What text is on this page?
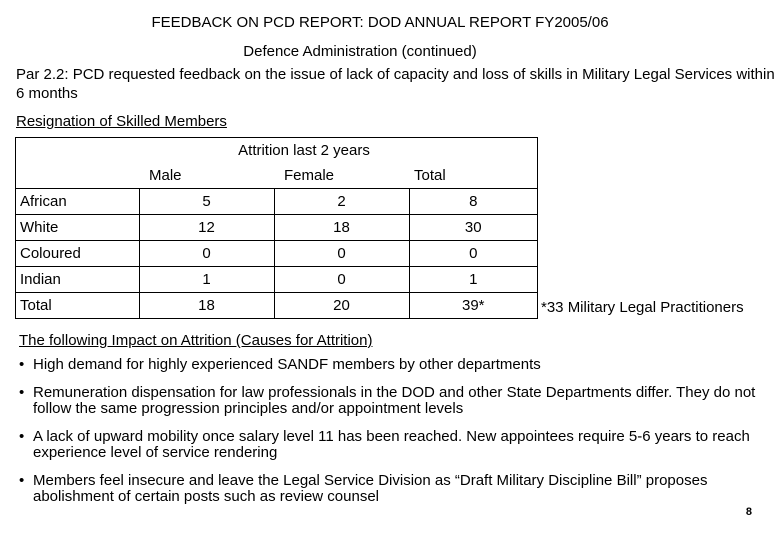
FEEDBACK ON PCD REPORT: DOD ANNUAL REPORT FY2005/06
Defence Administration (continued)
Par 2.2: PCD requested feedback on the issue of lack of capacity and loss of skills in Military Legal Services within 6 months
Resignation of Skilled Members
	Attrition last 2 years		
	Male	Female	Total
African	5	2	8
White	12	18	30
Coloured	0	0	0
Indian	1	0	1
Total	18	20	39*	*33 Military Legal Practitioners
The following Impact on Attrition (Causes for Attrition)
• High demand for highly experienced SANDF members by other departments
• Remuneration dispensation for law professionals in the DOD and other State Departments differ. They do not follow the same progression principles and/or appointment levels
• A lack of upward mobility once salary level 11 has been reached. New appointees require 5-6 years to reach experience level of service rendering
• Members feel insecure and leave the Legal Service Division as “Draft Military Discipline Bill” proposes abolishment of certain posts such as review counsel
8
